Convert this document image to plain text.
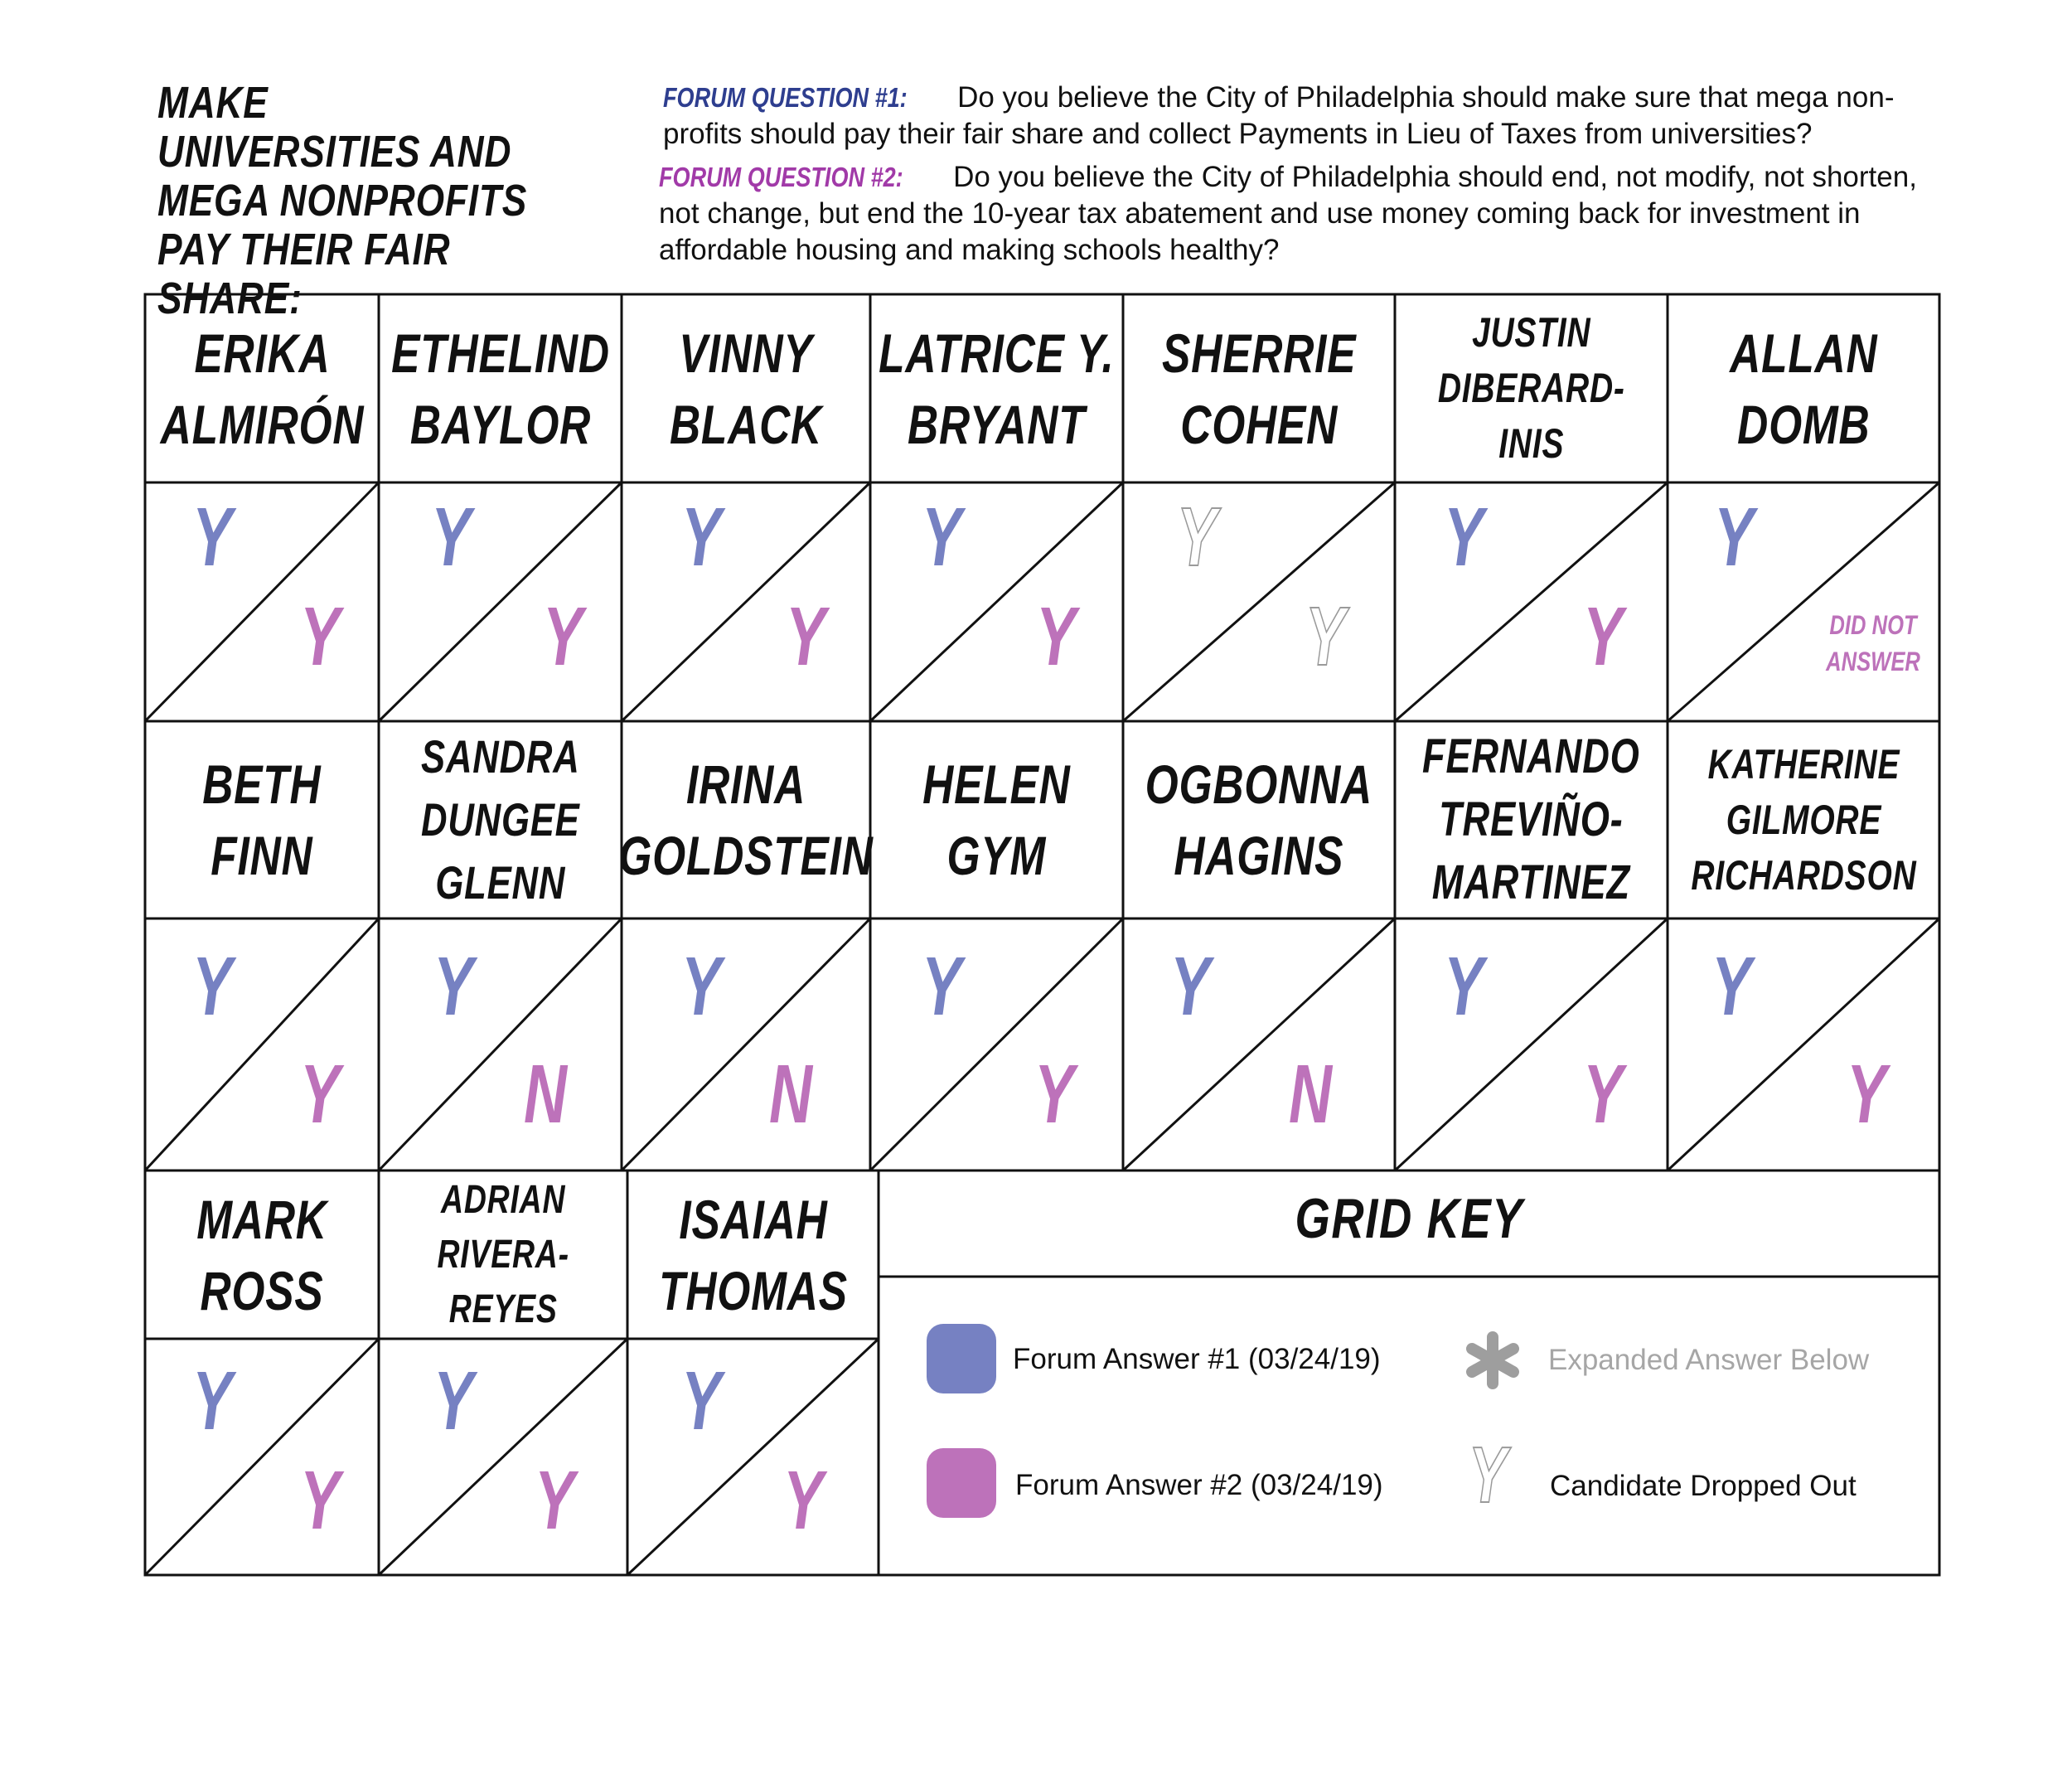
MAKE UNIVERSITIES AND MEGA NONPROFITS PAY THEIR FAIR SHARE:
FORUM QUESTION #1: Do you believe the City of Philadelphia should make sure that mega non-profits should pay their fair share and collect Payments in Lieu of Taxes from universities?
FORUM QUESTION #2: Do you believe the City of Philadelphia should end, not modify, not shorten, not change, but end the 10-year tax abatement and use money coming back for investment in affordable housing and making schools healthy?
ERIKA
ALMIRÓN
ETHELIND
BAYLOR
VINNY
BLACK
LATRICE Y.
BRYANT
SHERRIE
COHEN
JUSTIN
DIBERARD-
INIS
ALLAN
DOMB
Y
Y
Y
Y
Y
Y
Y
Y
Y
Y
Y
Y
Y
DID NOT
ANSWER
BETH
FINN
SANDRA
DUNGEE
GLENN
IRINA
GOLDSTEIN
HELEN
GYM
OGBONNA
HAGINS
FERNANDO
TREVIÑO-
MARTINEZ
KATHERINE
GILMORE
RICHARDSON
Y
Y
Y
N
Y
N
Y
Y
Y
N
Y
Y
Y
Y
MARK
ROSS
ADRIAN
RIVERA-
REYES
ISAIAH
THOMAS
Y
Y
Y
Y
Y
Y
GRID KEY
Forum Answer #1 (03/24/19)
Forum Answer #2 (03/24/19)
Expanded Answer Below
Y Candidate Dropped Out
